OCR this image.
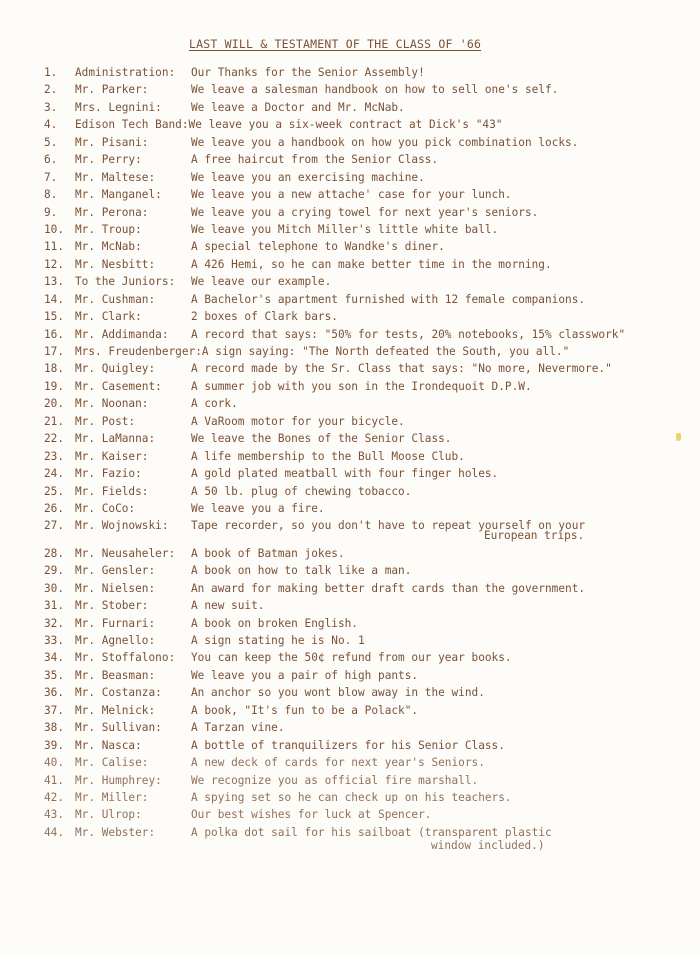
LAST WILL & TESTAMENT OF THE CLASS OF '66
1.	Administration:	Our Thanks for the Senior Assembly!
2.	Mr. Parker:	We leave a salesman handbook on how to sell one's self.
3.	Mrs. Legnini:	We leave a Doctor and Mr. McNab.
4.	Edison Tech Band: We leave you a six-week contract at Dick's "43"
5.	Mr. Pisani:	We leave you a handbook on how you pick combination locks.
6.	Mr. Perry:	A free haircut from the Senior Class.
7.	Mr. Maltese:	We leave you an exercising machine.
8.	Mr. Manganel:	We leave you a new attache' case for your lunch.
9.	Mr. Perona:	We leave you a crying towel for next year's seniors.
10. Mr. Troup:	We leave you Mitch Miller's little white ball.
11. Mr. McNab:	A special telephone to Wandke's diner.
12. Mr. Nesbitt:	A 426 Hemi, so he can make better time in the morning.
13. To the Juniors:	We leave our example.
14. Mr. Cushman:	A Bachelor's apartment furnished with 12 female companions.
15. Mr. Clark:	2 boxes of Clark bars.
16. Mr. Addimanda:	A record that says: "50% for tests, 20% notebooks, 15% classwork"
17. Mrs. Freudenberger: A sign saying: "The North defeated the South, you all."
18. Mr. Quigley:	A record made by the Sr. Class that says: "No more, Nevermore."
19. Mr. Casement:	A summer job with you son in the Irondequoit D.P.W.
20. Mr. Noonan:	A cork.
21. Mr. Post:	A VaRoom motor for your bicycle.
22. Mr. LaManna:	We leave the Bones of the Senior Class.
23. Mr. Kaiser:	A life membership to the Bull Moose Club.
24. Mr. Fazio:	A gold plated meatball with four finger holes.
25. Mr. Fields:	A 50 lb. plug of chewing tobacco.
26. Mr. CoCo:	We leave you a fire.
27. Mr. Wojnowski:	Tape recorder, so you don't have to repeat yourself on your
European trips.
28. Mr. Neusaheler:	A book of Batman jokes.
29. Mr. Gensler:	A book on how to talk like a man.
30. Mr. Nielsen:	An award for making better draft cards than the government.
31. Mr. Stober:	A new suit.
32. Mr. Furnari:	A book on broken English.
33. Mr. Agnello:	A sign stating he is No. 1
34. Mr. Stoffalono:	You can keep the 50¢ refund from our year books.
35. Mr. Beasman:	We leave you a pair of high pants.
36. Mr. Costanza:	An anchor so you wont blow away in the wind.
37. Mr. Melnick:	A book, "It's fun to be a Polack".
38. Mr. Sullivan:	A Tarzan vine.
39. Mr. Nasca:	A bottle of tranquilizers for his Senior Class.
40. Mr. Calise:	A new deck of cards for next year's Seniors.
41. Mr. Humphrey:	We recognize you as official fire marshall.
42. Mr. Miller:	A spying set so he can check up on his teachers.
43. Mr. Ulrop:	Our best wishes for luck at Spencer.
44. Mr. Webster:	A polka dot sail for his sailboat (transparent plastic
window included.)
